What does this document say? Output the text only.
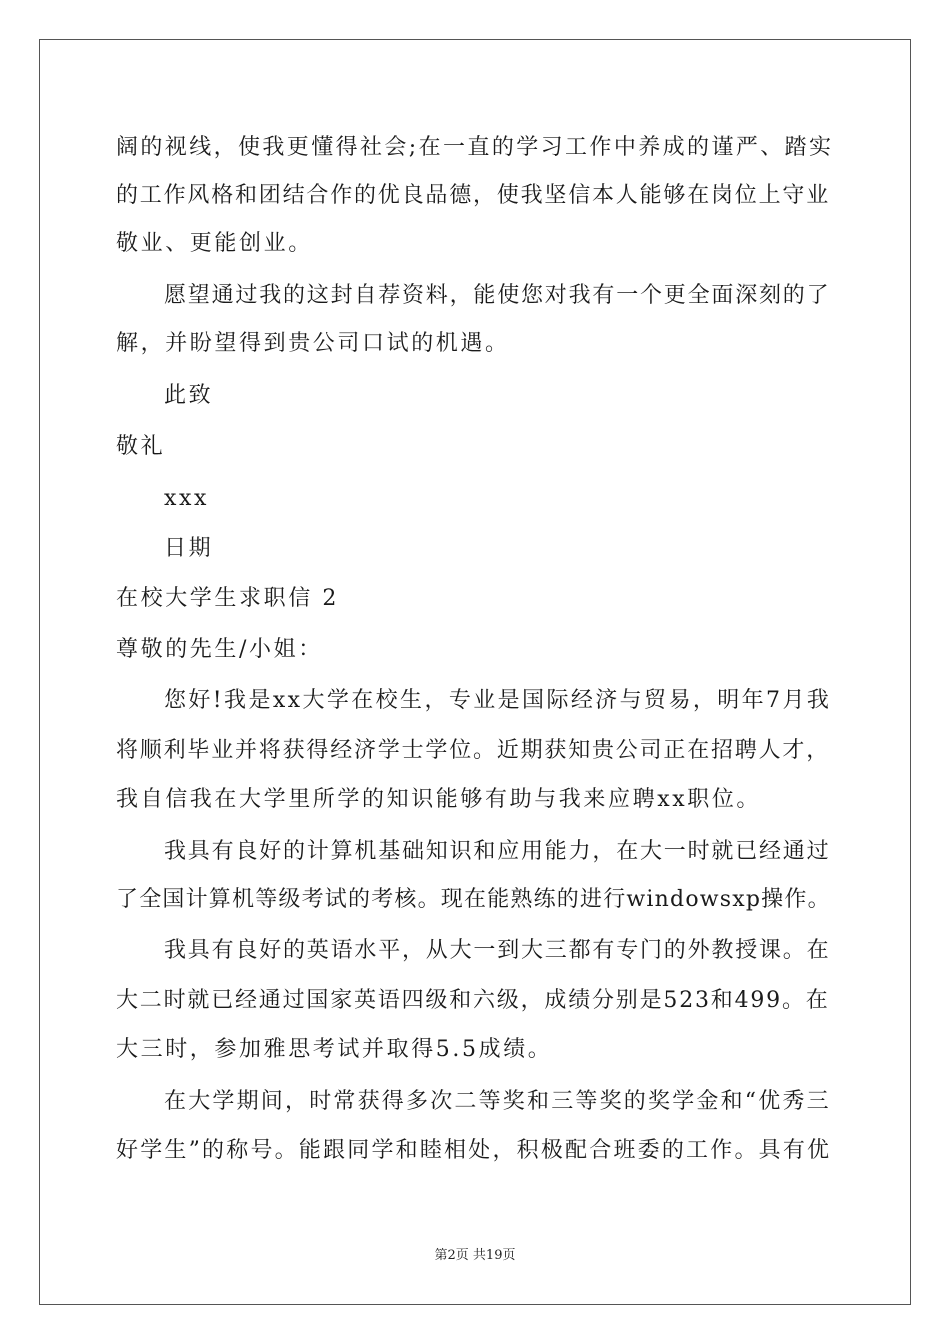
阔的视线，使我更懂得社会;在一直的学习工作中养成的谨严、踏实
的工作风格和团结合作的优良品德，使我坚信本人能够在岗位上守业
敬业、更能创业。
愿望通过我的这封自荐资料，能使您对我有一个更全面深刻的了
解，并盼望得到贵公司口试的机遇。
此致
敬礼
xxx
日期
在校大学生求职信 2
尊敬的先生/小姐：
您好!我是xx大学在校生，专业是国际经济与贸易，明年7月我
将顺利毕业并将获得经济学士学位。近期获知贵公司正在招聘人才，
我自信我在大学里所学的知识能够有助与我来应聘xx职位。
我具有良好的计算机基础知识和应用能力，在大一时就已经通过
了全国计算机等级考试的考核。现在能熟练的进行windowsxp操作。
我具有良好的英语水平，从大一到大三都有专门的外教授课。在
大二时就已经通过国家英语四级和六级，成绩分别是523和499。在
大三时，参加雅思考试并取得5.5成绩。
在大学期间，时常获得多次二等奖和三等奖的奖学金和“优秀三
好学生”的称号。能跟同学和睦相处，积极配合班委的工作。具有优
第2页 共19页
